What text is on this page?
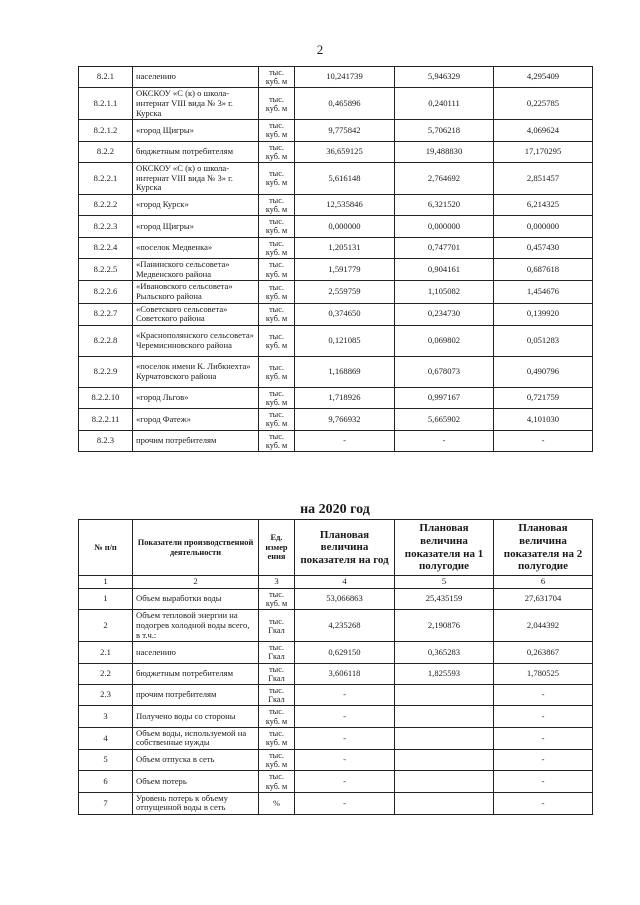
2
8.2.1	населению	тыс. куб. м	10,241739	5,946329	4,295409
8.2.1.1	ОКСКОУ «С (к) о школа-интернат VIII вида № 3» г. Курска	тыс. куб. м	0,465896	0,240111	0,225785
8.2.1.2	«город Щигры»	тыс. куб. м	9,775842	5,706218	4,069624
8.2.2	бюджетным потребителям	тыс. куб. м	36,659125	19,488830	17,170295
8.2.2.1	ОКСКОУ «С (к) о школа-интернат VIII вида № 3» г. Курска	тыс. куб. м	5,616148	2,764692	2,851457
8.2.2.2	«город Курск»	тыс. куб. м	12,535846	6,321520	6,214325
8.2.2.3	«город Щигры»	тыс. куб. м	0,000000	0,000000	0,000000
8.2.2.4	«поселок Медвенка»	тыс. куб. м	1,205131	0,747701	0,457430
8.2.2.5	«Панинского сельсовета» Медвенского района	тыс. куб. м	1,591779	0,904161	0,687618
8.2.2.6	«Ивановского сельсовета» Рыльского района	тыс. куб. м	2,559759	1,105082	1,454676
8.2.2.7	«Советского сельсовета» Советского района	тыс. куб. м	0,374650	0,234730	0,139920
8.2.2.8	«Краснополянского сельсовета» Черемисиновского района	тыс. куб. м	0,121085	0,069802	0,051283
8.2.2.9	«поселок имени К. Либкнехта» Курчатовского района	тыс. куб. м	1,168869	0,678073	0,490796
8.2.2.10	«город Льгов»	тыс. куб. м	1,718926	0,997167	0,721759
8.2.2.11	«город Фатеж»	тыс. куб. м	9,766932	5,665902	4,101030
8.2.3	прочим потребителям	тыс. куб. м	-	-	-
на 2020 год
№ п/п	Показатели производственной деятельности	Ед. измер ения	Плановая величина показателя на год	Плановая величина показателя на 1 полугодие	Плановая величина показателя на 2 полугодие
1	2	3	4	5	6
1	Объем выработки воды	тыс. куб. м	53,066863	25,435159	27,631704
2	Объем тепловой энергии на подогрев холодной воды всего, в т.ч.:	тыс. Гкал	4,235268	2,190876	2,044392
2.1	населению	тыс. Гкал	0,629150	0,365283	0,263867
2.2	бюджетным потребителям	тыс. Гкал	3,606118	1,825593	1,780525
2.3	прочим потребителям	тыс. Гкал	-		-
3	Получено воды со стороны	тыс. куб. м	-		-
4	Объем воды, используемой на собственные нужды	тыс. куб. м	-		-
5	Объем отпуска в сеть	тыс. куб. м	-		-
6	Объем потерь	тыс. куб. м	-		-
7	Уровень потерь к объему отпущенной воды в сеть	%	-		-
